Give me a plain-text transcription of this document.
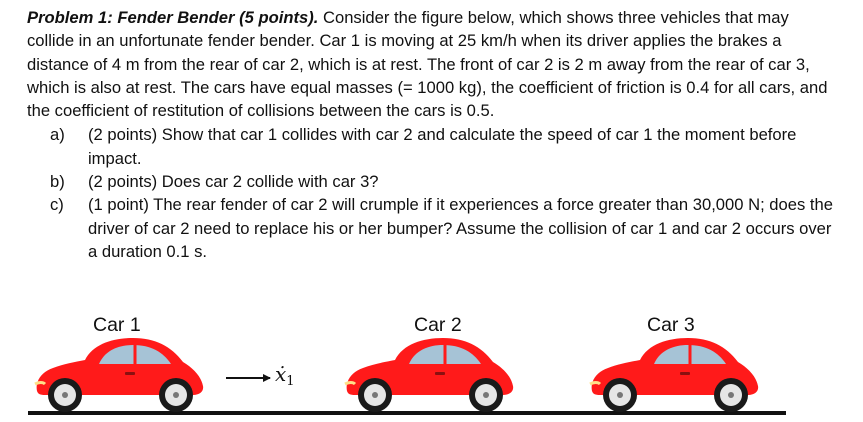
Problem 1: Fender Bender (5 points). Consider the figure below, which shows three vehicles that may collide in an unfortunate fender bender. Car 1 is moving at 25 km/h when its driver applies the brakes a distance of 4 m from the rear of car 2, which is at rest. The front of car 2 is 2 m away from the rear of car 3, which is also at rest. The cars have equal masses (= 1000 kg), the coefficient of friction is 0.4 for all cars, and the coefficient of restitution of collisions between the cars is 0.5.
a) (2 points) Show that car 1 collides with car 2 and calculate the speed of car 1 the moment before impact.
b) (2 points) Does car 2 collide with car 3?
c) (1 point) The rear fender of car 2 will crumple if it experiences a force greater than 30,000 N; does the driver of car 2 need to replace his or her bumper? Assume the collision of car 1 and car 2 occurs over a duration 0.1 s.
Car 1	Car 2	Car 3
ẋ$_1$
